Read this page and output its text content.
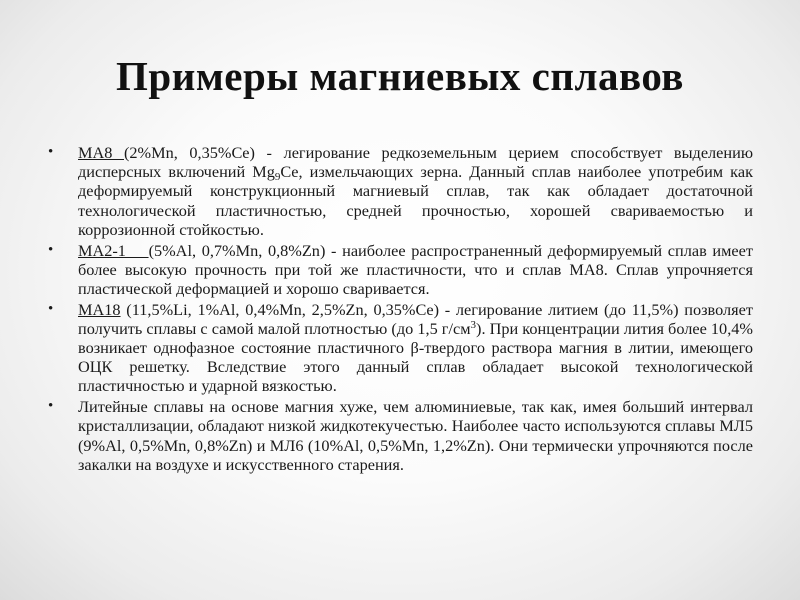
Примеры магниевых сплавов
• МА8 (2%Mn, 0,35%Ce) - легирование редкоземельным церием способствует выделению дисперсных включений $Mg_9Ce$, измельчающих зерна. Данный сплав наиболее употребим как деформируемый конструкционный магниевый сплав, так как обладает достаточной технологической пластичностью, средней прочностью, хорошей свариваемостью и коррозионной стойкостью.
• МА2-1    (5%Al, 0,7%Mn, 0,8%Zn) - наиболее распространенный деформируемый сплав имеет более высокую прочность при той же пластичности, что и сплав МА8. Сплав упрочняется пластической деформацией и хорошо сваривается.
• МА18 (11,5%Li, 1%Al, 0,4%Mn, 2,5%Zn, 0,35%Ce) - легирование литием (до 11,5%) позволяет получить сплавы с самой малой плотностью (до 1,5 $г/см^3$). При концентрации лития более 10,4% возникает однофазное состояние пластичного β-твердого раствора магния в литии, имеющего ОЦК решетку. Вследствие этого данный сплав обладает высокой технологической пластичностью и ударной вязкостью.
• Литейные сплавы на основе магния хуже, чем алюминиевые, так как, имея больший интервал кристаллизации, обладают низкой жидкотекучестью. Наиболее часто используются сплавы МЛ5 (9%Al, 0,5%Mn, 0,8%Zn) и МЛ6 (10%Al, 0,5%Mn, 1,2%Zn). Они термически упрочняются после закалки на воздухе и искусственного старения.
